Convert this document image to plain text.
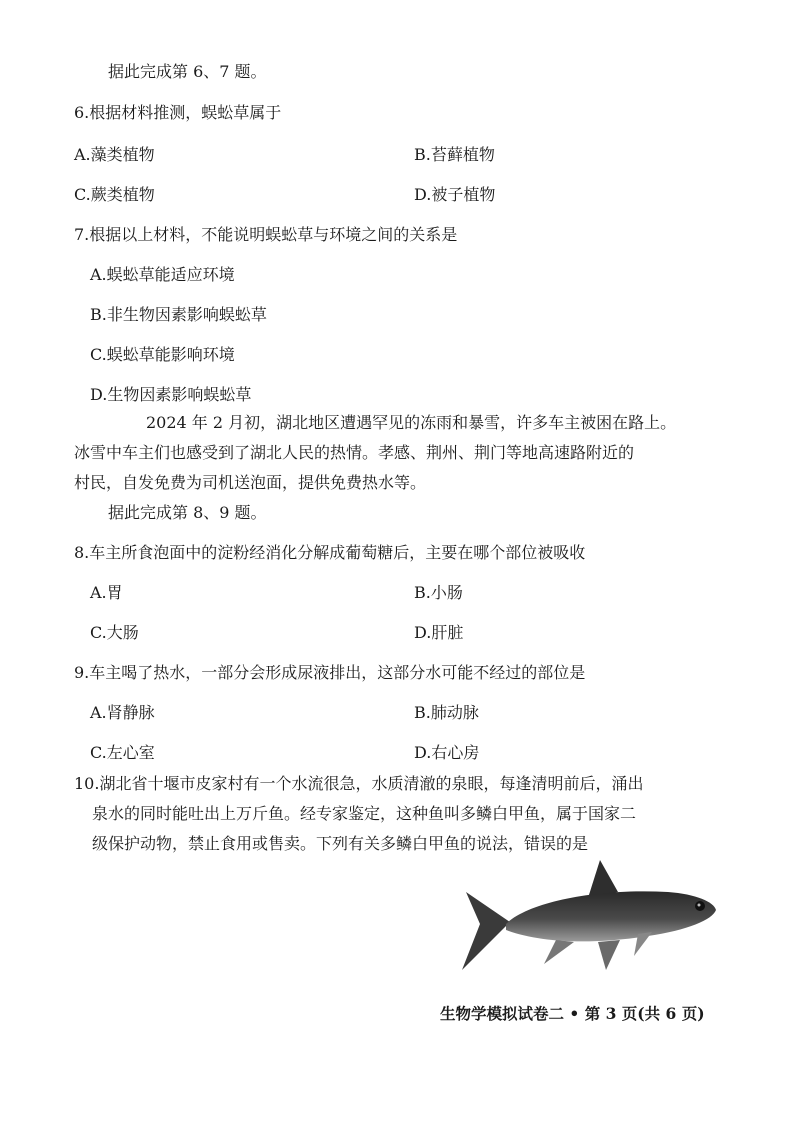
据此完成第 6、7 题。
6.根据材料推测，蜈蚣草属于
A.藻类植物	B.苔藓植物
C.蕨类植物	D.被子植物
7.根据以上材料，不能说明蜈蚣草与环境之间的关系是
A.蜈蚣草能适应环境
B.非生物因素影响蜈蚣草
C.蜈蚣草能影响环境
D.生物因素影响蜈蚣草
2024 年 2 月初，湖北地区遭遇罕见的冻雨和暴雪，许多车主被困在路上。
冰雪中车主们也感受到了湖北人民的热情。孝感、荆州、荆门等地高速路附近的
村民，自发免费为司机送泡面，提供免费热水等。
据此完成第 8、9 题。
8.车主所食泡面中的淀粉经消化分解成葡萄糖后，主要在哪个部位被吸收
A.胃	B.小肠
C.大肠	D.肝脏
9.车主喝了热水，一部分会形成尿液排出，这部分水可能不经过的部位是
A.肾静脉	B.肺动脉
C.左心室	D.右心房
10.湖北省十堰市皮家村有一个水流很急，水质清澈的泉眼，每逢清明前后，涌出
泉水的同时能吐出上万斤鱼。经专家鉴定，这种鱼叫多鳞白甲鱼，属于国家二
级保护动物，禁止食用或售卖。下列有关多鳞白甲鱼的说法，错误的是
生物学模拟试卷二 • 第 3 页(共 6 页)
